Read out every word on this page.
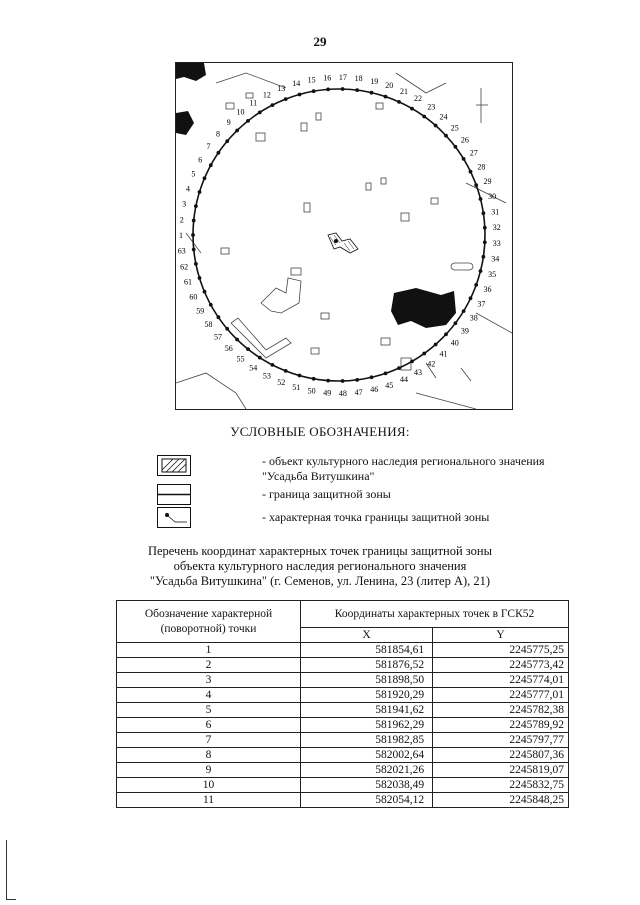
29
1
2
3
4
5
6
7
8
9
10
11
12
13
14 15 16 17 18 19 20
21
22
23
24
25
26
27
28
29
30
31
32
33
34
35
36
37
38
39
40
41
42
43
44
45
46
47
48
49
50
51
52
53
54
55
56
57
58
59
60
61
62
63
УСЛОВНЫЕ ОБОЗНАЧЕНИЯ:
- объект культурного наследия регионального значения "Усадьба Витушкина"
- граница защитной зоны
- характерная точка границы защитной зоны
Перечень координат характерных точек границы защитной зоны
объекта культурного наследия регионального значения
"Усадьба Витушкина" (г. Семенов, ул. Ленина, 23 (литер А), 21)
Обозначение характерной (поворотной) точки	Координаты характерных точек в ГСК52	
	X	Y
1	581854,61	2245775,25
2	581876,52	2245773,42
3	581898,50	2245774,01
4	581920,29	2245777,01
5	581941,62	2245782,38
6	581962,29	2245789,92
7	581982,85	2245797,77
8	582002,64	2245807,36
9	582021,26	2245819,07
10	582038,49	2245832,75
11	582054,12	2245848,25
